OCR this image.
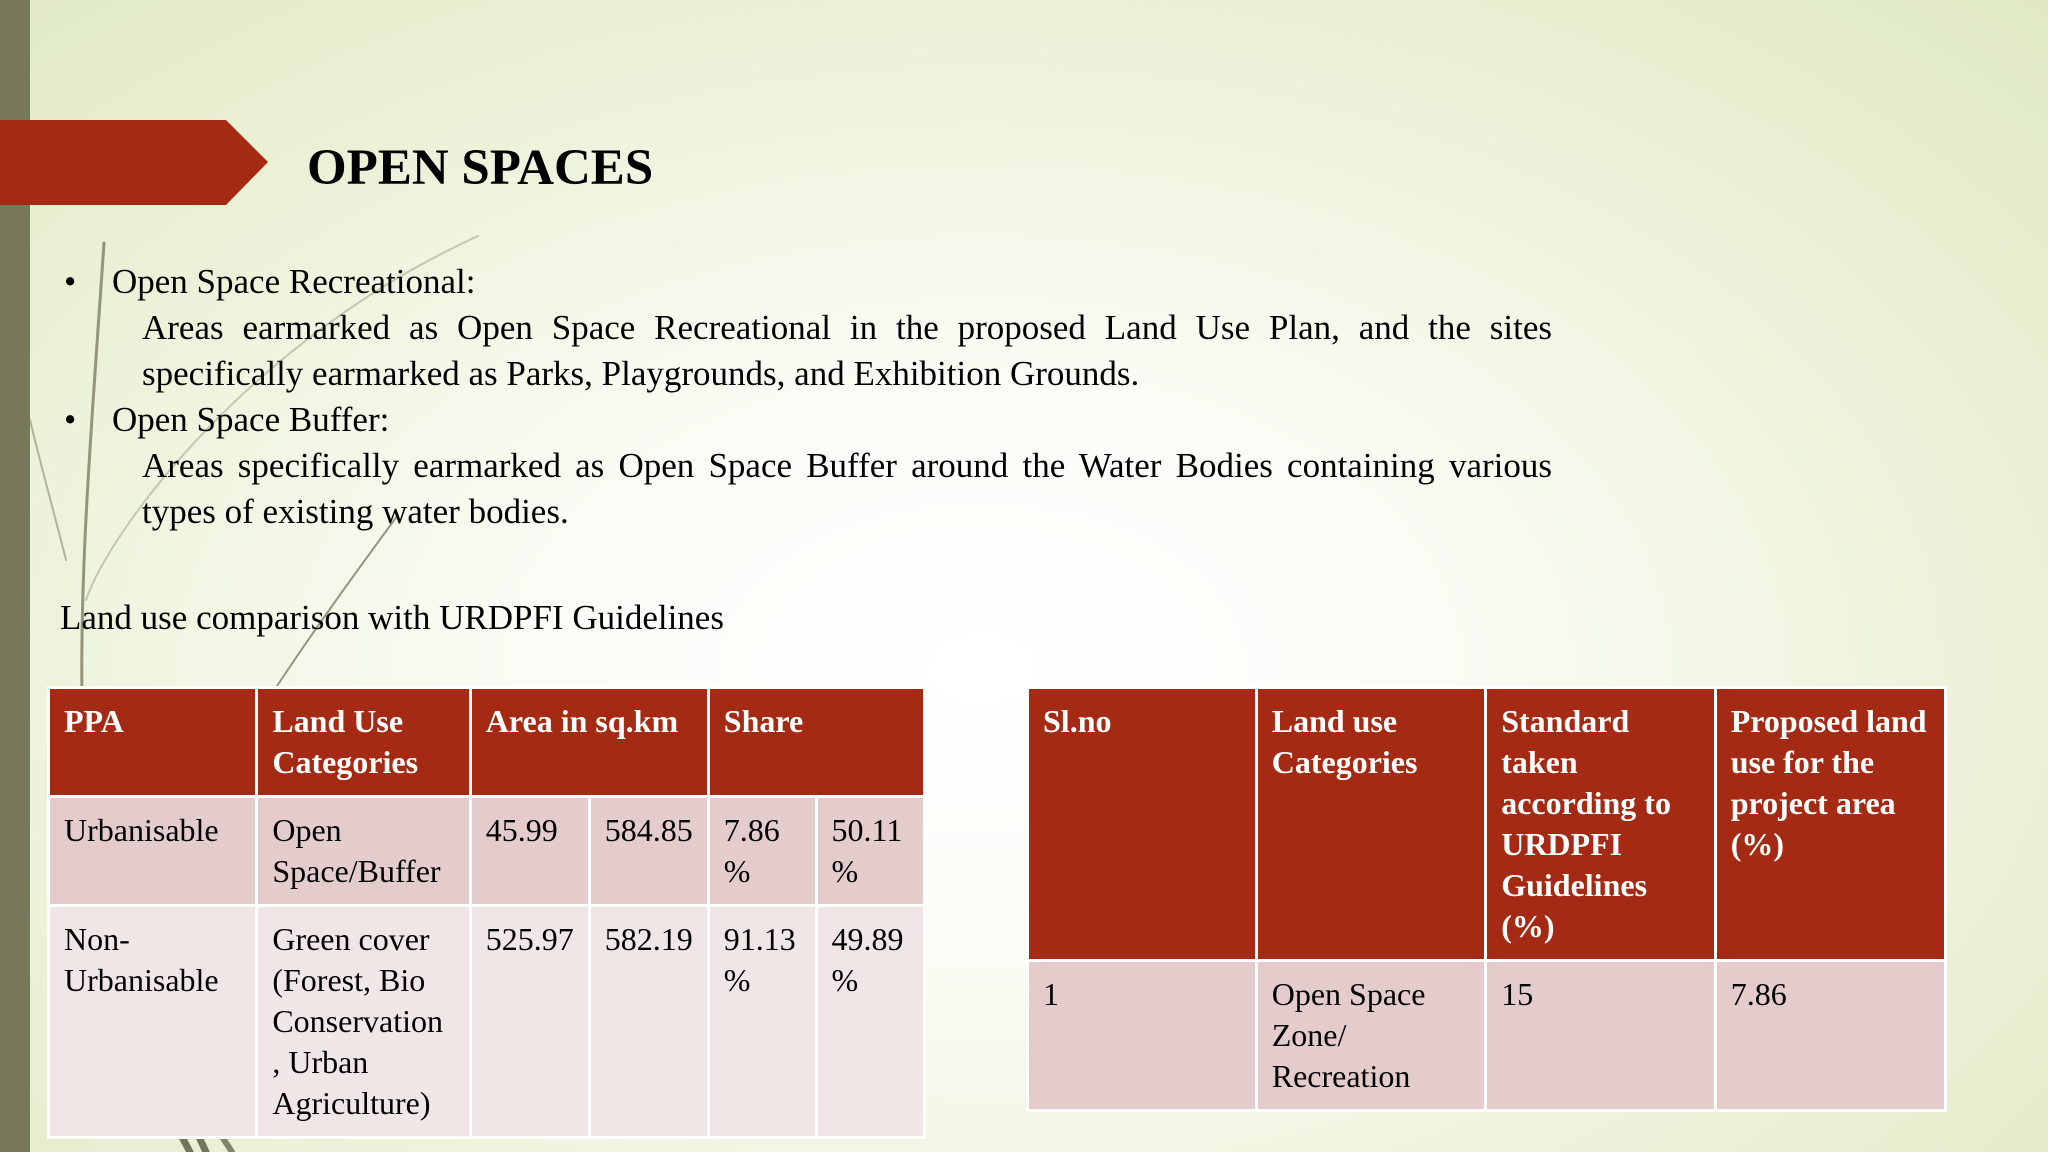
OPEN SPACES
• Open Space Recreational:
Areas earmarked as Open Space Recreational in the proposed Land Use Plan, and the sites specifically earmarked as Parks, Playgrounds, and Exhibition Grounds.
• Open Space Buffer:
Areas specifically earmarked as Open Space Buffer around the Water Bodies containing various types of existing water bodies.
Land use comparison with URDPFI Guidelines
PPA	Land Use Categories	Area in sq.km		Share	
Urbanisable	Open Space/Buffer	45.99	584.85	7.86 %	50.11 %
Non-Urbanisable	Green cover (Forest, Bio Conservation , Urban Agriculture)	525.97	582.19	91.13 %	49.89 %
Sl.no	Land use Categories	Standard taken according to URDPFI Guidelines (%)	Proposed land use for the project area (%)
1	Open Space Zone/ Recreation	15	7.86
